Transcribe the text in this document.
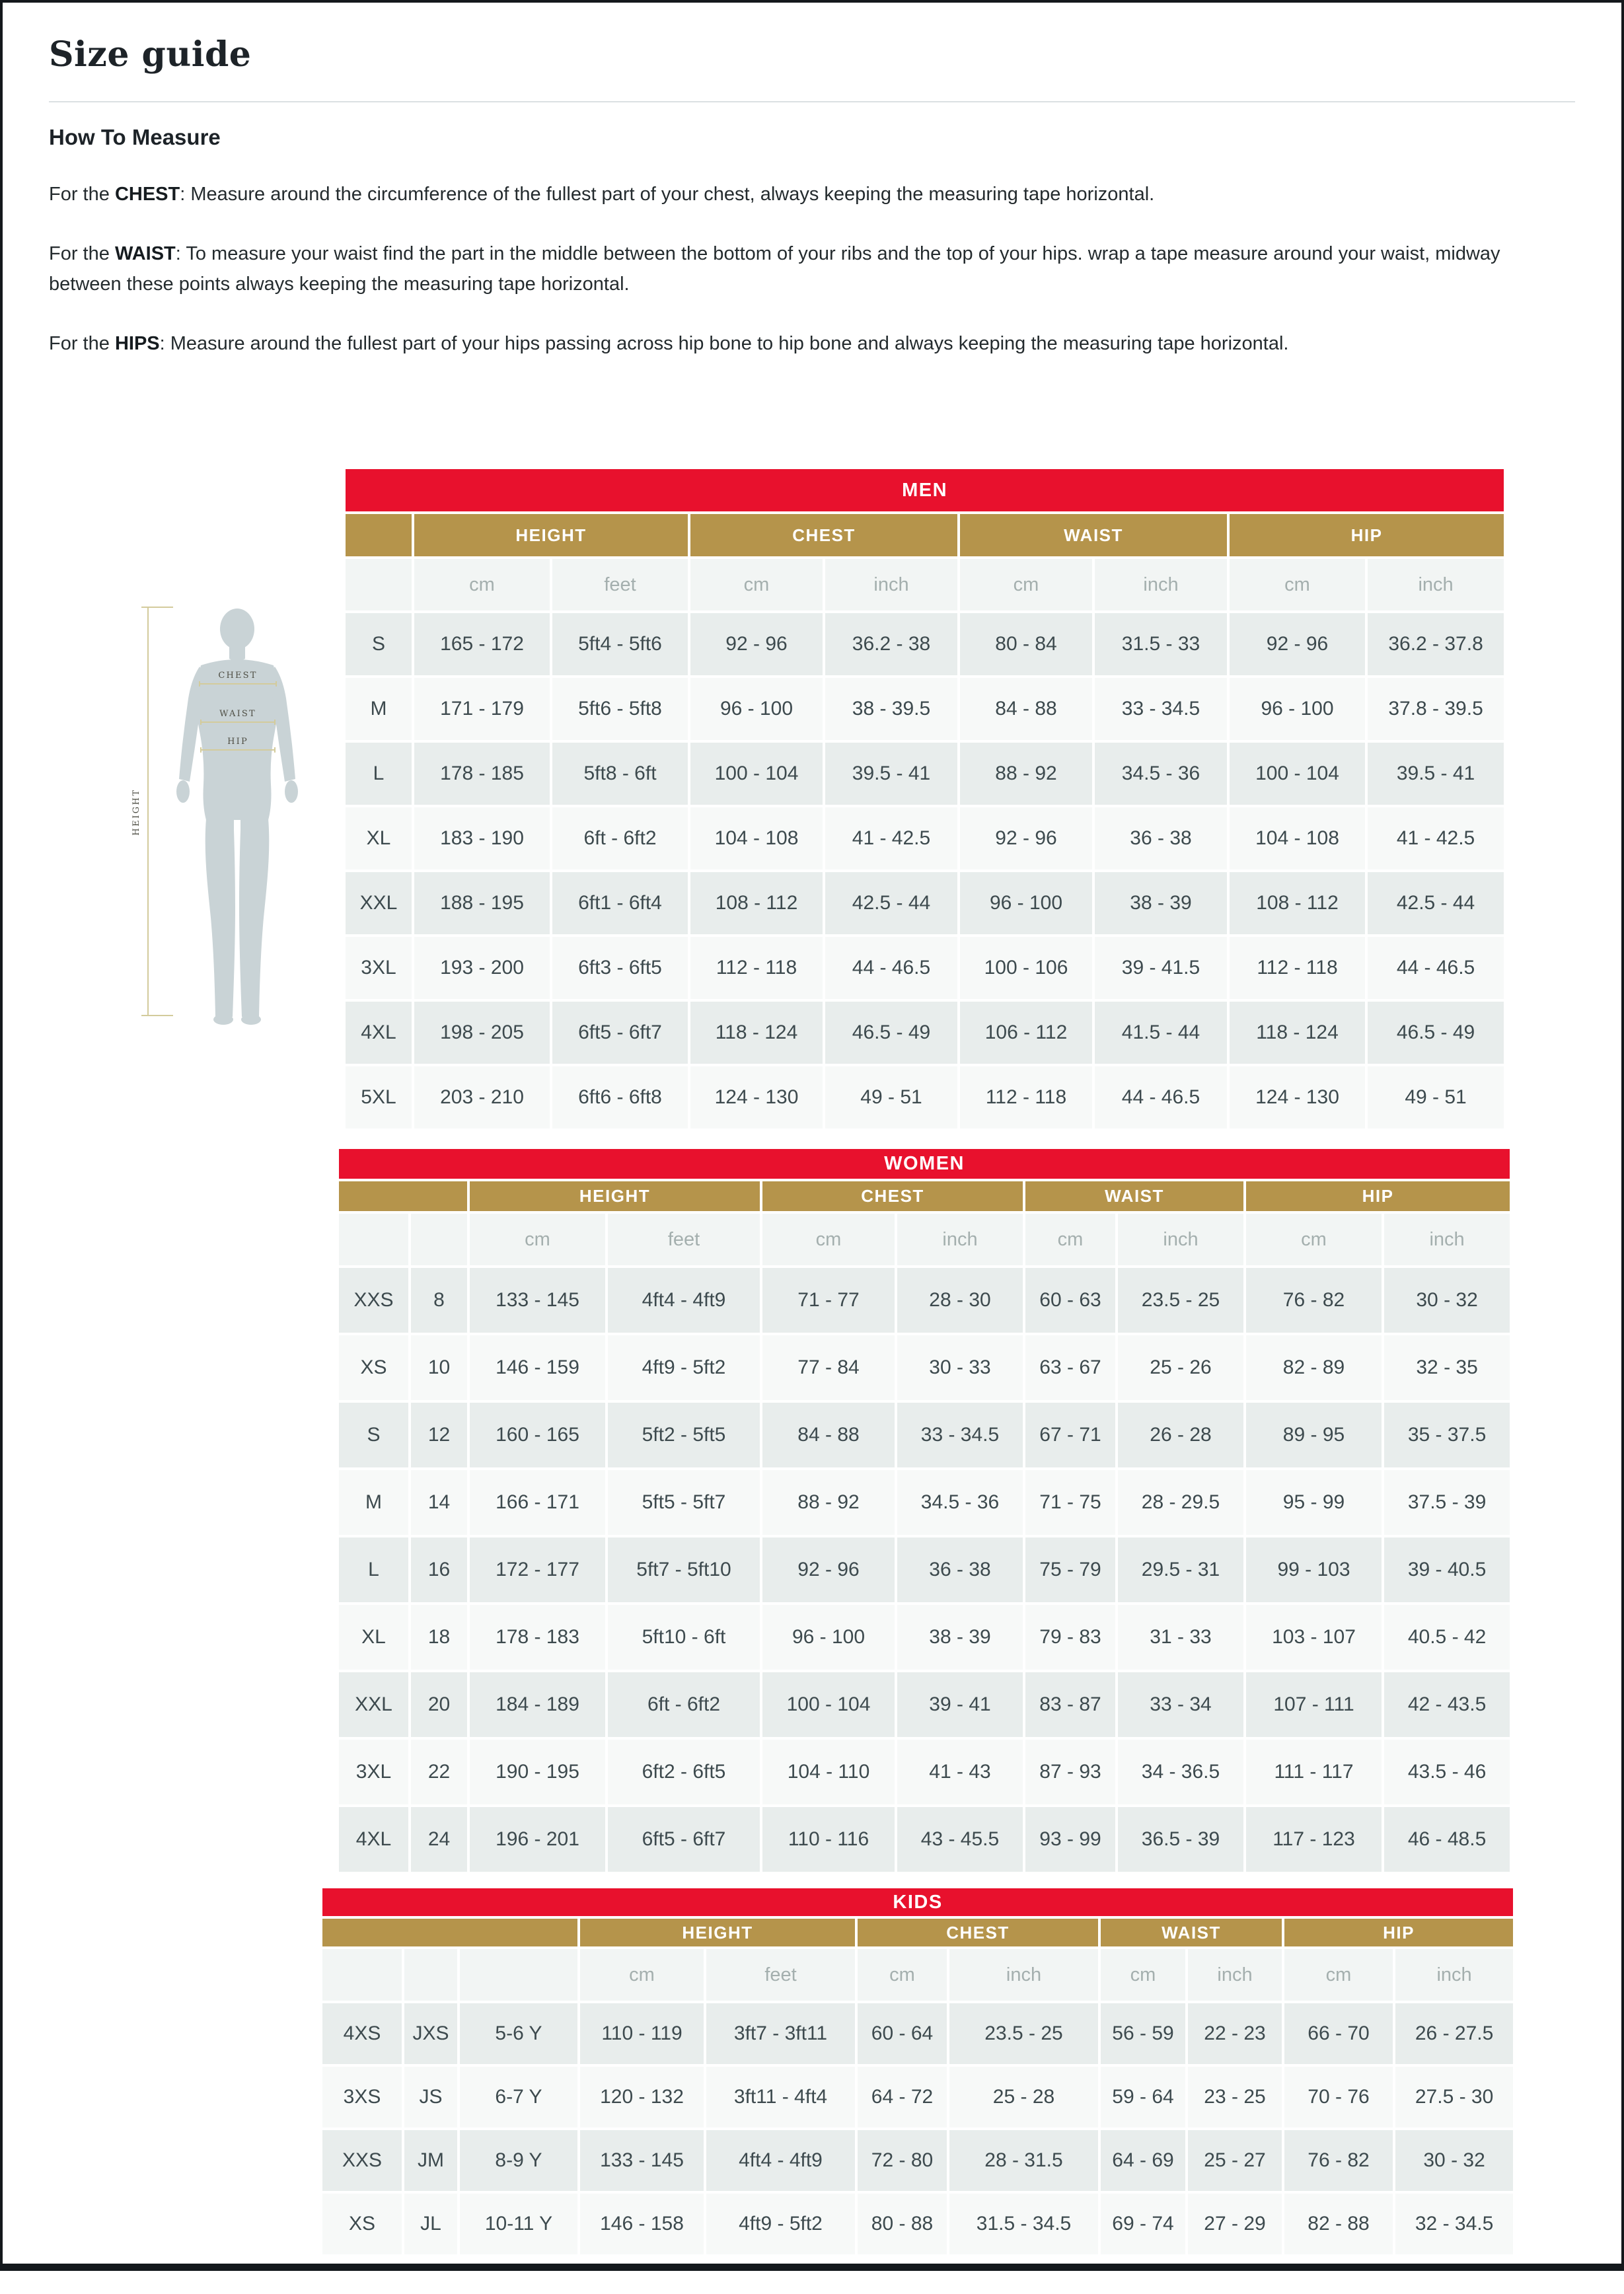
Size guide
How To Measure

For the CHEST: Measure around the circumference of the fullest part of your chest, always keeping the measuring tape horizontal.

For the WAIST: To measure your waist find the part in the middle between the bottom of your ribs and the top of your hips. wrap a tape measure around your waist, midway between these points always keeping the measuring tape horizontal.

For the HIPS: Measure around the fullest part of your hips passing across hip bone to hip bone and always keeping the measuring tape horizontal.

HEIGHT
CHEST
WAIST
HIP
MEN								
	HEIGHT		CHEST		WAIST		HIP	
	cm	feet	cm	inch	cm	inch	cm	inch
S	165 - 172	5ft4 - 5ft6	92 - 96	36.2 - 38	80 - 84	31.5 - 33	92 - 96	36.2 - 37.8
M	171 - 179	5ft6 - 5ft8	96 - 100	38 - 39.5	84 - 88	33 - 34.5	96 - 100	37.8 - 39.5
L	178 - 185	5ft8 - 6ft	100 - 104	39.5 - 41	88 - 92	34.5 - 36	100 - 104	39.5 - 41
XL	183 - 190	6ft - 6ft2	104 - 108	41 - 42.5	92 - 96	36 - 38	104 - 108	41 - 42.5
XXL	188 - 195	6ft1 - 6ft4	108 - 112	42.5 - 44	96 - 100	38 - 39	108 - 112	42.5 - 44
3XL	193 - 200	6ft3 - 6ft5	112 - 118	44 - 46.5	100 - 106	39 - 41.5	112 - 118	44 - 46.5
4XL	198 - 205	6ft5 - 6ft7	118 - 124	46.5 - 49	106 - 112	41.5 - 44	118 - 124	46.5 - 49
5XL	203 - 210	6ft6 - 6ft8	124 - 130	49 - 51	112 - 118	44 - 46.5	124 - 130	49 - 51
WOMEN									
		HEIGHT		CHEST		WAIST		HIP	
		cm	feet	cm	inch	cm	inch	cm	inch
XXS	8	133 - 145	4ft4 - 4ft9	71 - 77	28 - 30	60 - 63	23.5 - 25	76 - 82	30 - 32
XS	10	146 - 159	4ft9 - 5ft2	77 - 84	30 - 33	63 - 67	25 - 26	82 - 89	32 - 35
S	12	160 - 165	5ft2 - 5ft5	84 - 88	33 - 34.5	67 - 71	26 - 28	89 - 95	35 - 37.5
M	14	166 - 171	5ft5 - 5ft7	88 - 92	34.5 - 36	71 - 75	28 - 29.5	95 - 99	37.5 - 39
L	16	172 - 177	5ft7 - 5ft10	92 - 96	36 - 38	75 - 79	29.5 - 31	99 - 103	39 - 40.5
XL	18	178 - 183	5ft10 - 6ft	96 - 100	38 - 39	79 - 83	31 - 33	103 - 107	40.5 - 42
XXL	20	184 - 189	6ft - 6ft2	100 - 104	39 - 41	83 - 87	33 - 34	107 - 111	42 - 43.5
3XL	22	190 - 195	6ft2 - 6ft5	104 - 110	41 - 43	87 - 93	34 - 36.5	111 - 117	43.5 - 46
4XL	24	196 - 201	6ft5 - 6ft7	110 - 116	43 - 45.5	93 - 99	36.5 - 39	117 - 123	46 - 48.5
KIDS										
			HEIGHT		CHEST		WAIST		HIP	
			cm	feet	cm	inch	cm	inch	cm	inch
4XS	JXS	5-6 Y	110 - 119	3ft7 - 3ft11	60 - 64	23.5 - 25	56 - 59	22 - 23	66 - 70	26 - 27.5
3XS	JS	6-7 Y	120 - 132	3ft11 - 4ft4	64 - 72	25 - 28	59 - 64	23 - 25	70 - 76	27.5 - 30
XXS	JM	8-9 Y	133 - 145	4ft4 - 4ft9	72 - 80	28 - 31.5	64 - 69	25 - 27	76 - 82	30 - 32
XS	JL	10-11 Y	146 - 158	4ft9 - 5ft2	80 - 88	31.5 - 34.5	69 - 74	27 - 29	82 - 88	32 - 34.5
